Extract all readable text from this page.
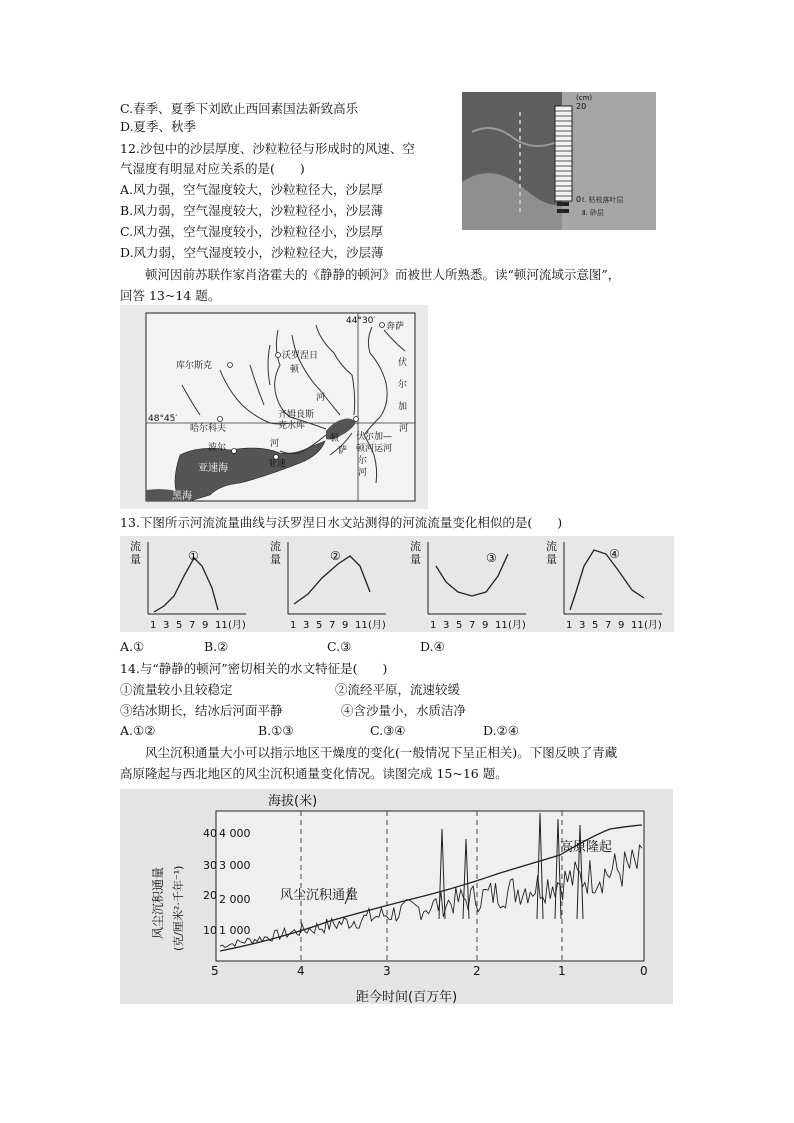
C.春季、夏季下刘欧止西回素国法新致高乐
D.夏季、秋季
12.沙包中的沙层厚度、沙粒粒径与形成时的风速、空
气湿度有明显对应关系的是(　　)
A.风力强，空气湿度较大，沙粒粒径大，沙层厚
B.风力弱，空气湿度较大，沙粒粒径小，沙层薄
C.风力强，空气湿度较小，沙粒粒径小，沙层厚
D.风力弱，空气湿度较小，沙粒粒径大，沙层薄
　　顿河因前苏联作家肖洛霍夫的《静静的顿河》而被世人所熟悉。读“顿河流域示意图”，
回答 13~14 题。
(cm)
20
0 Ⅰ. 枯枝落叶层
Ⅱ. 砂层
44°30′
48°45′
奔萨
库尔斯克
沃罗涅日
顿
河
伏
尔
加
河
齐姆良斯
克水库
哈尔科夫
顿
河
伏尔加—
顿河运河
萨
尔
河
波尔
亚速
亚速海
黑海
13.下图所示河流流量曲线与沃罗涅日水文站测得的河流流量变化相似的是(　　)
流
量
1 3 5 7 9 11 (月)
①
流
量
1 3 5 7 9 11 (月)
②
流
量
1 3 5 7 9 11 (月)
③
流
量
1 3 5 7 9 11 (月)
④
A.①	B.②	C.③	D.④
14.与“静静的顿河”密切相关的水文特征是(　　)
①流量较小且较稳定	②流经平原，流速较缓
③结冰期长，结冰后河面平静	④含沙量小，水质洁净
A.①②	B.①③	C.③④	D.②④
　　风尘沉积通量大小可以指示地区干燥度的变化(一般情况下呈正相关)。下图反映了青藏
高原隆起与西北地区的风尘沉积通量变化情况。读图完成 15~16 题。
海拔(米)
10
20
30
40
1 000
2 000
3 000
4 000
5	4	3	2	1	0
距今时间(百万年)
风尘沉积通量
高原隆起
风尘沉积通量 (克/厘米²·千年⁻¹)
